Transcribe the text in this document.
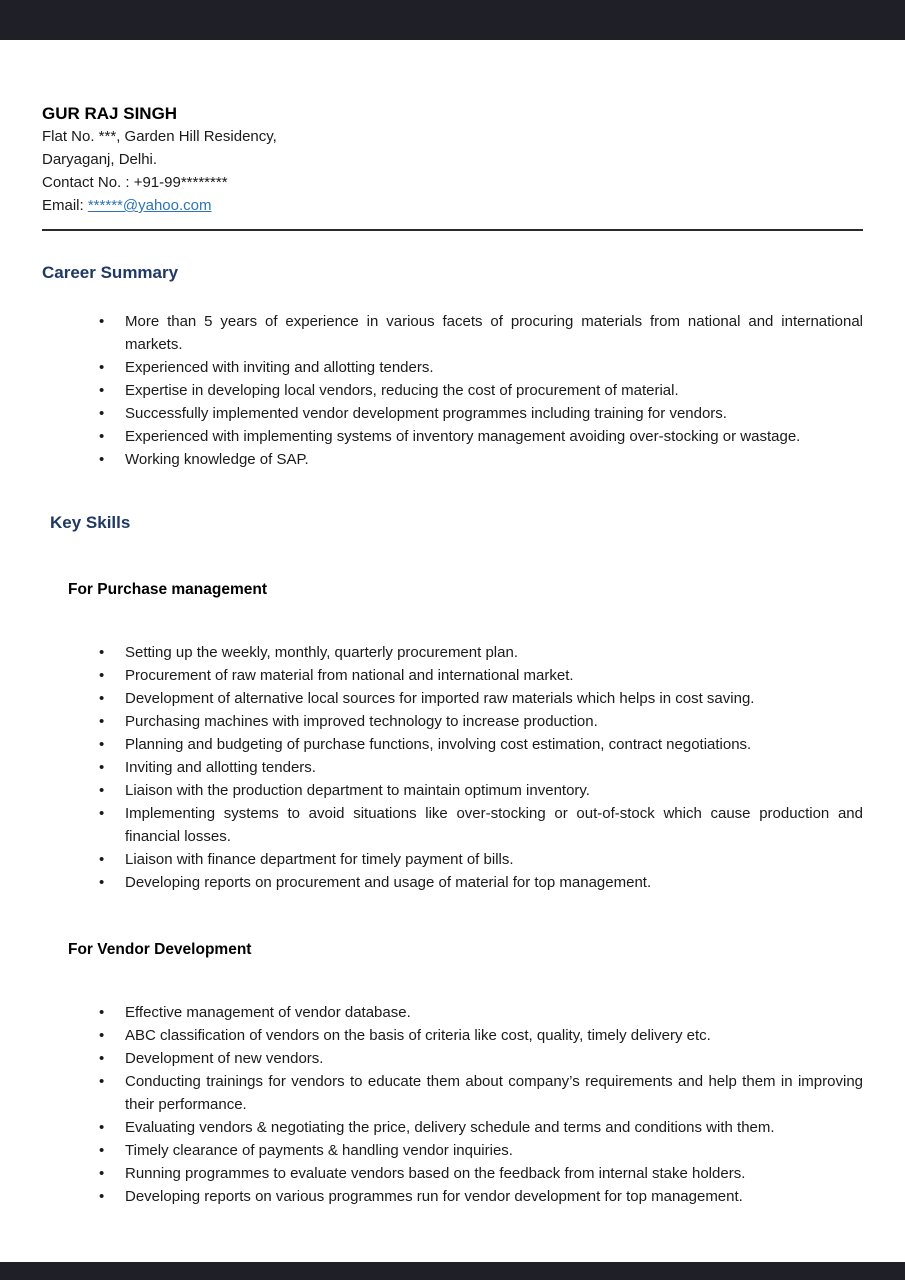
GUR RAJ SINGH
Flat No. ***, Garden Hill Residency,
Daryaganj, Delhi.
Contact No. : +91-99********
Email: ******@yahoo.com
Career Summary
• More than 5 years of experience in various facets of procuring materials from national and international markets.
• Experienced with inviting and allotting tenders.
• Expertise in developing local vendors, reducing the cost of procurement of material.
• Successfully implemented vendor development programmes including training for vendors.
• Experienced with implementing systems of inventory management avoiding over-stocking or wastage.
• Working knowledge of SAP.
Key Skills
For Purchase management
• Setting up the weekly, monthly, quarterly procurement plan.
• Procurement of raw material from national and international market.
• Development of alternative local sources for imported raw materials which helps in cost saving.
• Purchasing machines with improved technology to increase production.
• Planning and budgeting of purchase functions, involving cost estimation, contract negotiations.
• Inviting and allotting tenders.
• Liaison with the production department to maintain optimum inventory.
• Implementing systems to avoid situations like over-stocking or out-of-stock which cause production and financial losses.
• Liaison with finance department for timely payment of bills.
• Developing reports on procurement and usage of material for top management.
For Vendor Development
• Effective management of vendor database.
• ABC classification of vendors on the basis of criteria like cost, quality, timely delivery etc.
• Development of new vendors.
• Conducting trainings for vendors to educate them about company’s requirements and help them in improving their performance.
• Evaluating vendors & negotiating the price, delivery schedule and terms and conditions with them.
• Timely clearance of payments & handling vendor inquiries.
• Running programmes to evaluate vendors based on the feedback from internal stake holders.
• Developing reports on various programmes run for vendor development for top management.
